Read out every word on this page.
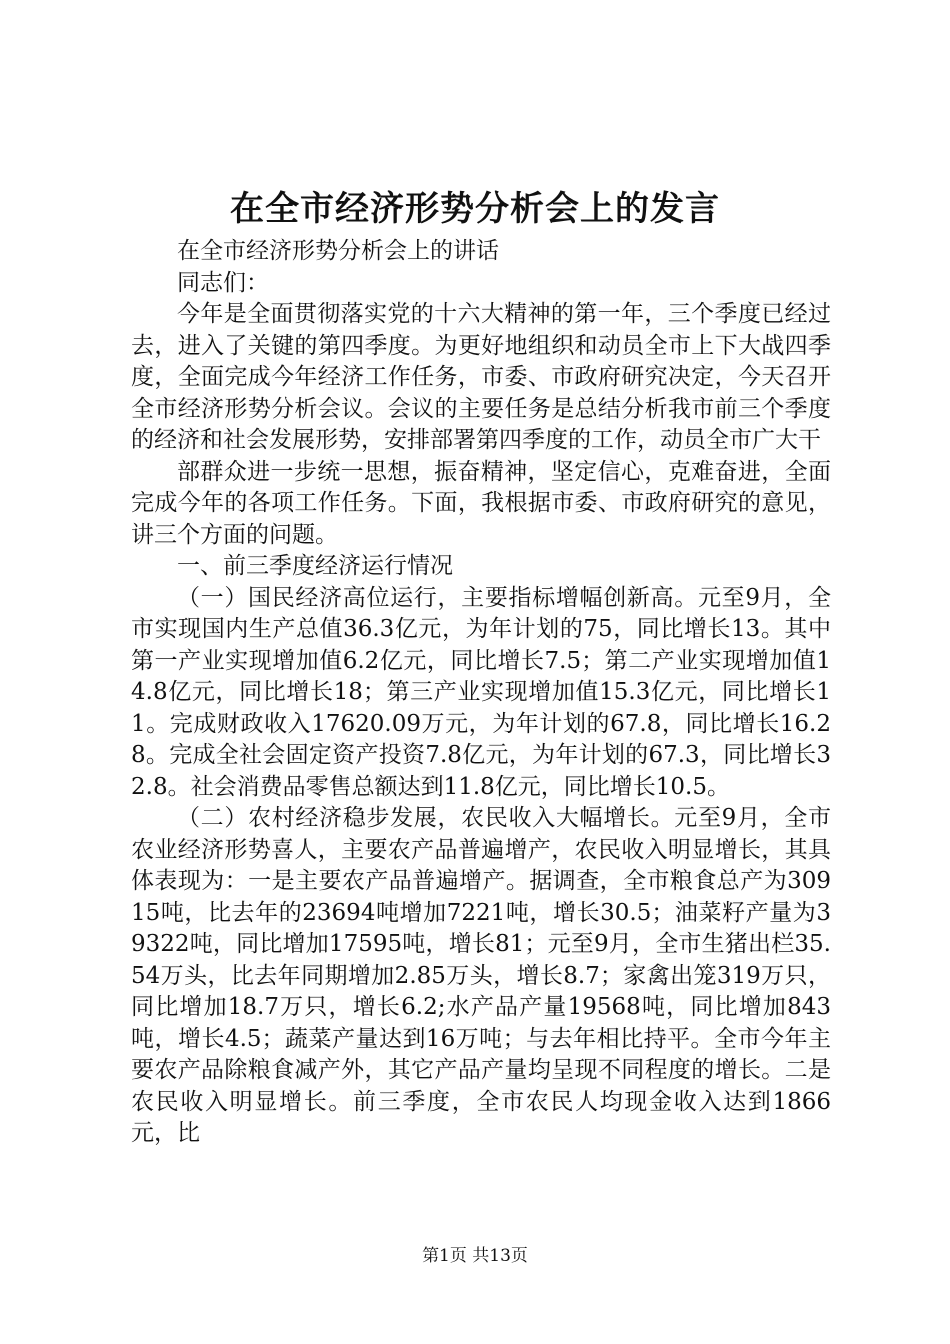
在全市经济形势分析会上的发言

在全市经济形势分析会上的讲话

同志们：

今年是全面贯彻落实党的十六大精神的第一年，三个季度已经过去，进入了关键的第四季度。为更好地组织和动员全市上下大战四季度，全面完成今年经济工作任务，市委、市政府研究决定，今天召开全市经济形势分析会议。会议的主要任务是总结分析我市前三个季度的经济和社会发展形势，安排部署第四季度的工作，动员全市广大干

部群众进一步统一思想，振奋精神，坚定信心，克难奋进，全面完成今年的各项工作任务。下面，我根据市委、市政府研究的意见，讲三个方面的问题。

一、前三季度经济运行情况

（一）国民经济高位运行，主要指标增幅创新高。元至9月，全市实现国内生产总值36.3亿元，为年计划的75，同比增长13。其中第一产业实现增加值6.2亿元，同比增长7.5；第二产业实现增加值14.8亿元，同比增长18；第三产业实现增加值15.3亿元，同比增长11。完成财政收入17620.09万元，为年计划的67.8，同比增长16.28。完成全社会固定资产投资7.8亿元，为年计划的67.3，同比增长32.8。社会消费品零售总额达到11.8亿元，同比增长10.5。

（二）农村经济稳步发展，农民收入大幅增长。元至9月，全市农业经济形势喜人，主要农产品普遍增产，农民收入明显增长，其具体表现为：一是主要农产品普遍增产。据调查，全市粮食总产为30915吨，比去年的23694吨增加7221吨，增长30.5；油菜籽产量为39322吨，同比增加17595吨，增长81；元至9月，全市生猪出栏35.54万头，比去年同期增加2.85万头，增长8.7；家禽出笼319万只，同比增加18.7万只，增长6.2;水产品产量19568吨，同比增加843吨，增长4.5；蔬菜产量达到16万吨；与去年相比持平。全市今年主要农产品除粮食减产外，其它产品产量均呈现不同程度的增长。二是农民收入明显增长。前三季度，全市农民人均现金收入达到1866元，比

第1页 共13页
